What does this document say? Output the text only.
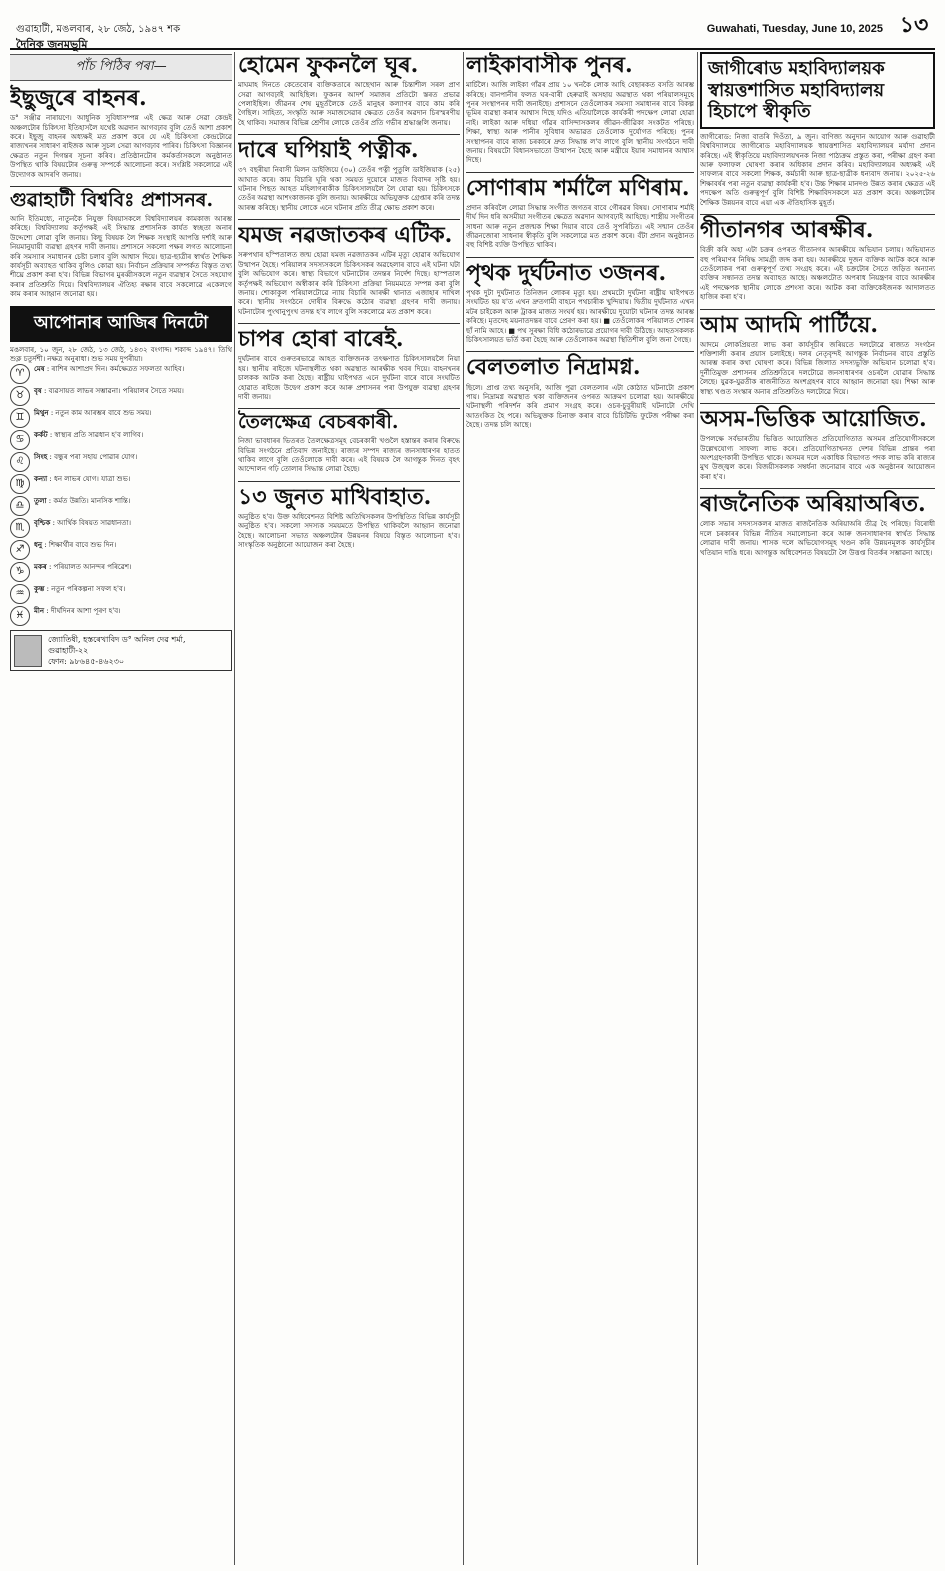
গুৱাহাটী, মঙলবাৰ, ২৮ জেঠ, ১৯৪৭ শক
দৈনিক জনমভূমি
Guwahati, Tuesday, June 10, 2025 ১৩
পাঁচ পিঠিৰ পৰা—
ইছুজুৰে বাহনৰ.

ড° সঞ্জীৱ নাৰায়ণে। আধুনিক সুবিধাসম্পন্ন এই ক্ষেত্ৰ আৰু সেৱা কেন্দ্ৰই অঞ্চলটোৰ চিকিৎসা ইতিহাসলৈ যথেষ্ট অৱদান আগবঢ়াব বুলি তেওঁ আশা প্ৰকাশ কৰে। ইছুজু বাহনৰ অধ্যক্ষই মত প্ৰকাশ কৰে যে এই চিকিৎসা কেন্দ্ৰটোৱে ৰাজ্যখনৰ সাধাৰণ ৰাইজক আৰু সুচল সেৱা আগবঢ়াব পাৰিব। চিকিৎসা বিজ্ঞানৰ ক্ষেত্ৰত নতুন দিগন্তৰ সূচনা কৰিব। প্ৰতিষ্ঠানটোৰ কৰ্মকৰ্তাসকলে অনুষ্ঠানত উপস্থিত থাকি বিষয়টোৰ গুৰুত্ব সম্পৰ্কে আলোচনা কৰে। সংশ্লিষ্ট সকলোৱে এই উদ্যোগক আদৰণি জনায়।

গুৱাহাটী বিশ্ববিঃ প্ৰশাসনৰ.

আনি ইতিমধ্যে, নাতুনকৈ নিযুক্ত বিষয়াসকলে বিশ্ববিদ্যালয়ৰ কামকাজ আৰম্ভ কৰিছে। বিশ্ববিদ্যালয় কৰ্তৃপক্ষই এই সিদ্ধান্ত প্ৰশাসনিক কাৰ্যত স্বচ্ছতা অনাৰ উদ্দেশ্যে লোৱা বুলি জনায়। কিছু বিষয়ক লৈ শিক্ষক সংস্থাই আপত্তি দৰ্শাই আৰু নিয়মানুযায়ী ব্যৱস্থা গ্ৰহণৰ দাবী জনায়। প্ৰশাসনে সকলো পক্ষৰ লগত আলোচনা কৰি সমস্যাৰ সমাধানৰ চেষ্টা চলাব বুলি আশ্বাস দিয়ে। ছাত্ৰ-ছাত্ৰীৰ স্বাৰ্থত শৈক্ষিক কাৰ্যসূচী অব্যাহত থাকিব বুলিও কোৱা হয়। নিৰ্বাচন প্ৰক্ৰিয়াৰ সম্পৰ্কত বিস্তৃত তথ্য শীঘ্ৰে প্ৰকাশ কৰা হ'ব। বিভিন্ন বিভাগৰ মুৰব্বীসকলে নতুন ব্যৱস্থাৰ সৈতে সহযোগ কৰাৰ প্ৰতিশ্ৰুতি দিয়ে। বিশ্ববিদ্যালয়ৰ ঐতিহ্য ৰক্ষাৰ বাবে সকলোৱে একেলগে কাম কৰাৰ আহ্বান জনোৱা হয়।

আপোনাৰ আজিৰ দিনটো

মঙলবাৰ, ১০ জুন, ২৮ জেঠ, ১৩ জেঠ, ১৪৩২ বংগাব্দ। শকাব্দ ১৯৪৭। তিথি শুক্ল চতুৰ্দশী। নক্ষত্ৰ অনুৰাধা। শুভ সময় দুপৰীয়া।

♈	মেষ : ৰাশিৰ আশাপ্ৰদ দিন। কৰ্মক্ষেত্ৰত সফলতা আহিব।

♉	বৃষ : ব্যৱসায়ত লাভৰ সম্ভাৱনা। পৰিয়ালৰ সৈতে সময়।

♊	মিথুন : নতুন কাম আৰম্ভৰ বাবে শুভ সময়।

♋	কৰ্কট : স্বাস্থ্যৰ প্ৰতি সাৱধান হ'ব লাগিব।

♌	সিংহ : বন্ধুৰ পৰা সহায় পোৱাৰ যোগ।

♍	কন্যা : ধন লাভৰ যোগ। যাত্ৰা শুভ।

♎	তুলা : কৰ্মত উন্নতি। মানসিক শান্তি।

♏	বৃশ্চিক : আৰ্থিক বিষয়ত সাৱধানতা।

♐	ধনু : শিক্ষাৰ্থীৰ বাবে শুভ দিন।

♑	মকৰ : পৰিয়ালত আনন্দৰ পৰিৱেশ।

♒	কুম্ভ : নতুন পৰিকল্পনা সফল হ'ব।

♓	মীন : দীৰ্ঘদিনৰ আশা পূৰণ হ'ব।

জ্যোতিষী, হস্তৰেখাবিদ ড° অনিল দেৱ শৰ্মা, গুৱাহাটী-২২
ফোন: ৯৮৬৪৫-৪৬২৩০
হোমেন ফুকনলৈ ঘূৰ.

মাঘমাহ দিনতে কেতেবোৰ ব্যক্তিকতাৰে আছেখান আৰু চিন্তাশীল সৰল প্ৰাণ সেৱা আগবঢ়াই আহিছিল। ফুকনৰ আদৰ্শ সমাজৰ প্ৰতিটো স্তৰত প্ৰভাৱ পেলাইছিল। জীৱনৰ শেষ মুহূৰ্তলৈকে তেওঁ মানুহৰ কল্যাণৰ বাবে কাম কৰি গৈছিল। সাহিত্য, সংস্কৃতি আৰু সমাজসেৱাৰ ক্ষেত্ৰত তেওঁৰ অৱদান চিৰস্মৰণীয় হৈ থাকিব। সমাজৰ বিভিন্ন শ্ৰেণীৰ লোকে তেওঁৰ প্ৰতি গভীৰ শ্ৰদ্ধাঞ্জলি জনায়।

দাৰে ঘপিয়াই পত্নীক.

৩৭ বছৰীয়া নিবাসী মিলন ডাইজিয়ে (৩০) তেওঁৰ পত্নী পুতুলি ডাইজিয়াক (২৫) আঘাত কৰে। কাম বিচাৰি ঘূৰি থকা সময়ত দুয়োৰে মাজত বিবাদৰ সৃষ্টি হয়। ঘটনাৰ পিছত আহত মহিলাগৰাকীক চিকিৎসালয়লৈ লৈ যোৱা হয়। চিকিৎসকে তেওঁৰ অৱস্থা আশংকাজনক বুলি জনায়। আৰক্ষীয়ে অভিযুক্তক গ্ৰেপ্তাৰ কৰি তদন্ত আৰম্ভ কৰিছে। স্থানীয় লোকে এনে ঘটনাৰ প্ৰতি তীব্ৰ ক্ষোভ প্ৰকাশ কৰে।

যমজ নৱজাতকৰ এটিক.

সৰুপথাৰ হস্পিতালত জন্ম হোৱা যমজ নৱজাতকৰ এটিৰ মৃত্যু হোৱাৰ অভিযোগ উত্থাপন হৈছে। পৰিয়ালৰ সদস্যসকলে চিকিৎসকৰ অৱহেলাৰ বাবে এই ঘটনা ঘটা বুলি অভিযোগ কৰে। স্বাস্থ্য বিভাগে ঘটনাটোৰ তদন্তৰ নিৰ্দেশ দিছে। হাস্পতাল কৰ্তৃপক্ষই অভিযোগ অস্বীকাৰ কৰি চিকিৎসা প্ৰক্ৰিয়া নিয়মমতে সম্পন্ন কৰা বুলি জনায়। শোকাকুল পৰিয়ালটোৱে ন্যায় বিচাৰি আৰক্ষী থানাত এজাহাৰ দাখিল কৰে। স্থানীয় সংগঠনে দোষীৰ বিৰুদ্ধে কঠোৰ ব্যৱস্থা গ্ৰহণৰ দাবী জনায়। ঘটনাটোৰ পুংখানুপুংখ তদন্ত হ'ব লাগে বুলি সকলোৱে মত প্ৰকাশ কৰে।

চাপৰ হোৰা বাৰেই.

দুৰ্ঘটনাৰ বাবে গুৰুতৰভাৱে আহত ব্যক্তিজনক তৎক্ষণাত চিকিৎসালয়লৈ নিয়া হয়। স্থানীয় ৰাইজে ঘটনাস্থলীত থকা অৱস্থাত আৰক্ষীক খবৰ দিয়ে। বাহনখনৰ চালকক আটক কৰা হৈছে। ৰাষ্ট্ৰীয় ঘাইপথত এনে দুৰ্ঘটনা বাৰে বাৰে সংঘটিত হোৱাত ৰাইজে উদ্বেগ প্ৰকাশ কৰে আৰু প্ৰশাসনৰ পৰা উপযুক্ত ব্যৱস্থা গ্ৰহণৰ দাবী জনায়।

তৈলক্ষেত্ৰ বেচৰকাৰী.

নিজা ভাবধাৰৰ ভিতৰত তৈলক্ষেত্ৰসমূহ বেচৰকাৰী খণ্ডলৈ হস্তান্তৰ কৰাৰ বিৰুদ্ধে বিভিন্ন সংগঠনে প্ৰতিবাদ জনাইছে। ৰাজ্যৰ সম্পদ ৰাজ্যৰ জনসাধাৰণৰ হাতত থাকিব লাগে বুলি তেওঁলোকে দাবী কৰে। এই বিষয়ক লৈ আগন্তুক দিনত বৃহৎ আন্দোলন গঢ়ি তোলাৰ সিদ্ধান্ত লোৱা হৈছে।

১৩ জুনত মাখিবাহাত.

অনুষ্ঠিত হ'ব। উক্ত অধিবেশনত বিশিষ্ট অতিথিসকলৰ উপস্থিতিত বিভিন্ন কাৰ্যসূচী অনুষ্ঠিত হ'ব। সকলো সদস্যক সময়মতে উপস্থিত থাকিবলৈ আহ্বান জনোৱা হৈছে। আলোচনা সভাত অঞ্চলটোৰ উন্নয়নৰ বিষয়ে বিস্তৃত আলোচনা হ'ব। সাংস্কৃতিক অনুষ্ঠানো আয়োজন কৰা হৈছে।

লাইকাবাসীক পুনৰ.

মাৰ্চিলৈ। আজি লাইকা গাঁৱৰ প্ৰায় ১০ খনকৈ লোক আহি বেছাৰকত বসতি আৰম্ভ কৰিছে। বানপানীৰ ফলত ঘৰ-বাৰী হেৰুৱাই অসহায় অৱস্থাত থকা পৰিয়ালসমূহে পুনৰ সংস্থাপনৰ দাবী জনাইছে। প্ৰশাসনে তেওঁলোকৰ সমস্যা সমাধানৰ বাবে বিকল্প ভূমিৰ ব্যৱস্থা কৰাৰ আশ্বাস দিছে যদিও এতিয়ালৈকে কাৰ্যকৰী পদক্ষেপ লোৱা হোৱা নাই। লাইকা আৰু দধিয়া গাঁৱৰ বাসিন্দাসকলৰ জীৱন-জীৱিকা সংকটত পৰিছে। শিক্ষা, স্বাস্থ্য আৰু পানীৰ সুবিধাৰ অভাৱত তেওঁলোক দুৰ্যোগত পৰিছে। পুনৰ সংস্থাপনৰ বাবে ৰাজ্য চৰকাৰে দ্ৰুত সিদ্ধান্ত ল'ব লাগে বুলি স্থানীয় সংগঠনে দাবী জনায়। বিষয়টো বিধানসভাতো উত্থাপন হৈছে আৰু মন্ত্ৰীয়ে ইয়াৰ সমাধানৰ আশ্বাস দিছে।

সোণাৰাম শৰ্মালৈ মণিৰাম.

প্ৰদান কৰিবলৈ লোৱা সিদ্ধান্ত সংগীত জগতৰ বাবে গৌৰৱৰ বিষয়। সোণাৰাম শৰ্মাই দীৰ্ঘ দিন ধৰি অসমীয়া সংগীতৰ ক্ষেত্ৰত অৱদান আগবঢ়াই আহিছে। শাস্ত্ৰীয় সংগীতৰ সাধনা আৰু নতুন প্ৰজন্মক শিক্ষা দিয়াৰ বাবে তেওঁ সুপৰিচিত। এই সন্মান তেওঁৰ জীৱনজোৰা সাধনাৰ স্বীকৃতি বুলি সকলোৱে মত প্ৰকাশ কৰে। বঁটা প্ৰদান অনুষ্ঠানত বহু বিশিষ্ট ব্যক্তি উপস্থিত থাকিব।

পৃথক দুৰ্ঘটনাত ৩জনৰ.

পৃথক দুটা দুৰ্ঘটনাত তিনিজন লোকৰ মৃত্যু হয়। প্ৰথমটো দুৰ্ঘটনা ৰাষ্ট্ৰীয় ঘাইপথত সংঘটিত হয় য'ত এখন দ্ৰুতগামী বাহনে পথচাৰীক খুন্দিয়ায়। দ্বিতীয় দুৰ্ঘটনাত এখন মটৰ চাইকেল আৰু ট্ৰাকৰ মাজত সংঘৰ্ষ হয়। আৰক্ষীয়ে দুয়োটা ঘটনাৰ তদন্ত আৰম্ভ কৰিছে। মৃতদেহ ময়নাতদন্তৰ বাবে প্ৰেৰণ কৰা হয়। ■ তেওঁলোকৰ পৰিয়ালত শোকৰ ছাঁ নামি আহে। ■ পথ সুৰক্ষা বিধি কঠোৰভাৱে প্ৰয়োগৰ দাবী উঠিছে। আহতসকলক চিকিৎসালয়ত ভৰ্তি কৰা হৈছে আৰু তেওঁলোকৰ অৱস্থা স্থিতিশীল বুলি জনা গৈছে।

বেলতলাত নিদ্ৰামগ্ন.

ছিলে। প্ৰাপ্ত তথ্য অনুসৰি, আজি পুৱা বেলতলাৰ এটা কোঠাত ঘটনাটো প্ৰকাশ পায়। নিদ্ৰামগ্ন অৱস্থাত থকা ব্যক্তিজনৰ ওপৰত আক্ৰমণ চলোৱা হয়। আৰক্ষীয়ে ঘটনাস্থলী পৰিদৰ্শন কৰি প্ৰমাণ সংগ্ৰহ কৰে। ওচৰ-চুবুৰীয়াই ঘটনাটো দেখি আতংকিত হৈ পৰে। অভিযুক্তক চিনাক্ত কৰাৰ বাবে চিচিটিভি ফুটেজ পৰীক্ষা কৰা হৈছে। তদন্ত চলি আছে।

জাগীৰোড মহাবিদ্যালয়ক স্বায়ত্তশাসিত মহাবিদ্যালয় হিচাপে স্বীকৃতি

জাগীৰোড: নিজা বাতৰি দিওঁতা, ৯ জুন। বাণিজ্য অনুদান আয়োগ আৰু গুৱাহাটী বিশ্ববিদ্যালয়ে জাগীৰোড মহাবিদ্যালয়ক স্বায়ত্তশাসিত মহাবিদ্যালয়ৰ মৰ্যাদা প্ৰদান কৰিছে। এই স্বীকৃতিয়ে মহাবিদ্যালয়খনক নিজা পাঠ্যক্ৰম প্ৰস্তুত কৰা, পৰীক্ষা গ্ৰহণ কৰা আৰু ফলাফল ঘোষণা কৰাৰ অধিকাৰ প্ৰদান কৰিব। মহাবিদ্যালয়ৰ অধ্যক্ষই এই সাফল্যৰ বাবে সকলো শিক্ষক, কৰ্মচাৰী আৰু ছাত্ৰ-ছাত্ৰীক ধন্যবাদ জনায়। ২০২৫-২৬ শিক্ষাবৰ্ষৰ পৰা নতুন ব্যৱস্থা কাৰ্যকৰী হ'ব। উচ্চ শিক্ষাৰ মানদণ্ড উন্নত কৰাৰ ক্ষেত্ৰত এই পদক্ষেপ অতি গুৰুত্বপূৰ্ণ বুলি বিশিষ্ট শিক্ষাবিদসকলে মত প্ৰকাশ কৰে। অঞ্চলটোৰ শৈক্ষিক উন্নয়নৰ বাবে এয়া এক ঐতিহাসিক মুহূৰ্ত।

গীতানগৰ আৰক্ষীৰ.

বিক্ৰী কৰি অহা এটা চক্ৰৰ ওপৰত গীতানগৰ আৰক্ষীয়ে অভিযান চলায়। অভিযানত বহু পৰিমাণৰ নিষিদ্ধ সামগ্ৰী জব্দ কৰা হয়। আৰক্ষীয়ে দুজন ব্যক্তিক আটক কৰে আৰু তেওঁলোকৰ পৰা গুৰুত্বপূৰ্ণ তথ্য সংগ্ৰহ কৰে। এই চক্ৰটোৰ সৈতে জড়িত অন্যান্য ব্যক্তিৰ সন্ধানত তদন্ত অব্যাহত আছে। অঞ্চলটোত অপৰাধ নিয়ন্ত্ৰণৰ বাবে আৰক্ষীৰ এই পদক্ষেপক স্থানীয় লোকে প্ৰশংসা কৰে। আটক কৰা ব্যক্তিকেইজনক আদালতত হাজিৰ কৰা হ'ব।

আম আদমি পাৰ্টিয়ে.

আদমে লোকপ্ৰিয়তা লাভ কৰা কাৰ্যসূচীৰ জৰিয়তে দলটোৱে ৰাজ্যত সংগঠন শক্তিশালী কৰাৰ প্ৰয়াস চলাইছে। দলৰ নেতৃবৃন্দই আগন্তুক নিৰ্বাচনৰ বাবে প্ৰস্তুতি আৰম্ভ কৰাৰ কথা ঘোষণা কৰে। বিভিন্ন জিলাত সদস্যভুক্তি অভিযান চলোৱা হ'ব। দুৰ্নীতিমুক্ত প্ৰশাসনৰ প্ৰতিশ্ৰুতিৰে দলটোৱে জনসাধাৰণৰ ওচৰলৈ যোৱাৰ সিদ্ধান্ত লৈছে। যুৱক-যুৱতীক ৰাজনীতিত অংশগ্ৰহণৰ বাবে আহ্বান জনোৱা হয়। শিক্ষা আৰু স্বাস্থ্য খণ্ডত সংস্কাৰ অনাৰ প্ৰতিশ্ৰুতিও দলটোৱে দিয়ে।

অসম-ভিত্তিক আয়োজিত.

উপলক্ষে সৰ্বভাৰতীয় ভিত্তিত আয়োজিত প্ৰতিযোগিতাত অসমৰ প্ৰতিযোগীসকলে উল্লেখযোগ্য সাফল্য লাভ কৰে। প্ৰতিযোগিতাখনত দেশৰ বিভিন্ন প্ৰান্তৰ পৰা অংশগ্ৰহণকাৰী উপস্থিত থাকে। অসমৰ দলে একাধিক বিভাগত পদক লাভ কৰি ৰাজ্যৰ মুখ উজ্জ্বল কৰে। বিজয়ীসকলক সম্বৰ্ধনা জনোৱাৰ বাবে এক অনুষ্ঠানৰ আয়োজন কৰা হ'ব।

ৰাজনৈতিক অৰিয়াঅৰিত.

লোক সভাৰ সদস্যসকলৰ মাজত ৰাজনৈতিক অৰিয়াঅৰি তীব্ৰ হৈ পৰিছে। বিৰোধী দলে চৰকাৰৰ বিভিন্ন নীতিৰ সমালোচনা কৰে আৰু জনসাধাৰণৰ স্বাৰ্থত সিদ্ধান্ত লোৱাৰ দাবী জনায়। শাসক দলে অভিযোগসমূহ খণ্ডন কৰি উন্নয়নমূলক কাৰ্যসূচীৰ খতিয়ান দাঙি ধৰে। আগন্তুক অধিবেশনত বিষয়টো লৈ উত্তপ্ত বিতৰ্কৰ সম্ভাৱনা আছে।
